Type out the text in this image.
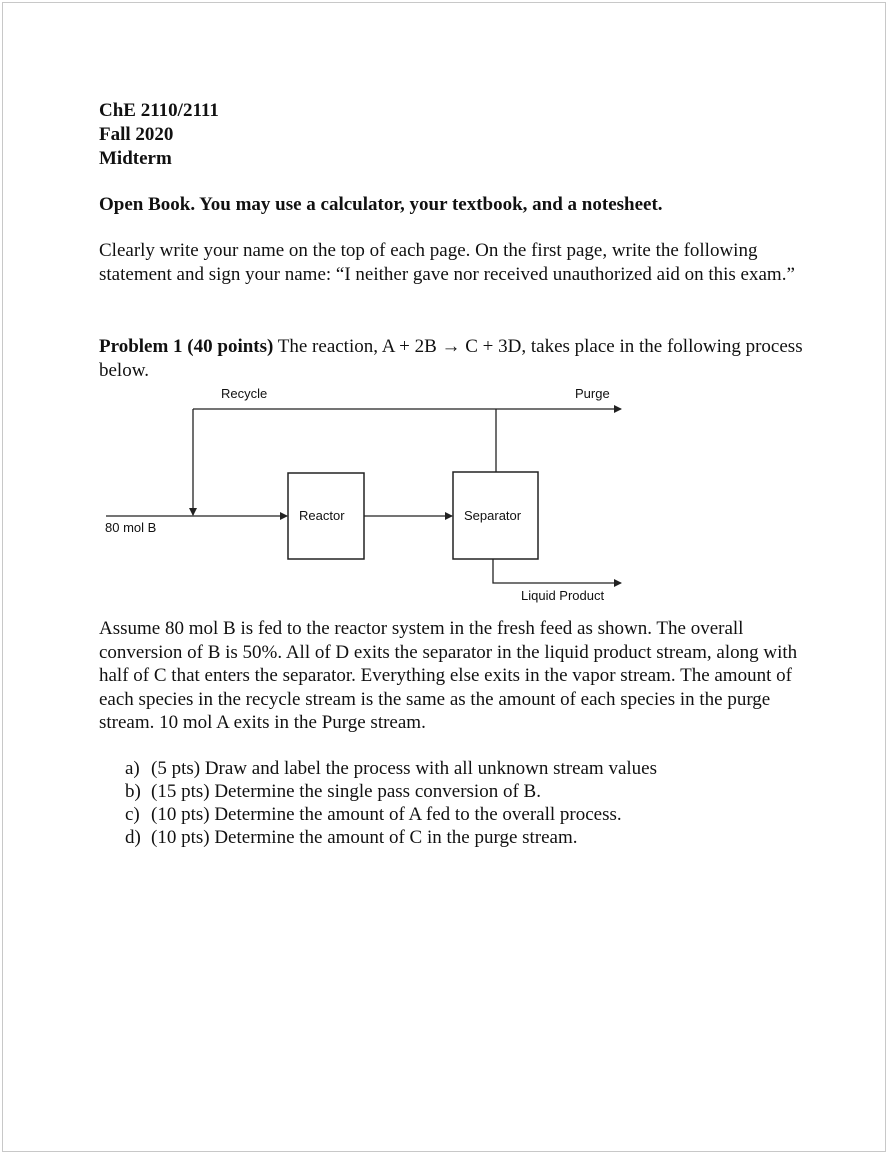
ChE 2110/2111
Fall 2020
Midterm
Open Book. You may use a calculator, your textbook, and a notesheet.
Clearly write your name on the top of each page. On the first page, write the following statement and sign your name: “I neither gave nor received unauthorized aid on this exam.”
Problem 1 (40 points) The reaction, A + 2B → C + 3D, takes place in the following process below.
Recycle	Purge
80 mol B
Reactor	Separator
Liquid Product
Assume 80 mol B is fed to the reactor system in the fresh feed as shown. The overall conversion of B is 50%. All of D exits the separator in the liquid product stream, along with half of C that enters the separator. Everything else exits in the vapor stream. The amount of each species in the recycle stream is the same as the amount of each species in the purge stream. 10 mol A exits in the Purge stream.
a) (5 pts) Draw and label the process with all unknown stream values
b) (15 pts) Determine the single pass conversion of B.
c) (10 pts) Determine the amount of A fed to the overall process.
d) (10 pts) Determine the amount of C in the purge stream.
